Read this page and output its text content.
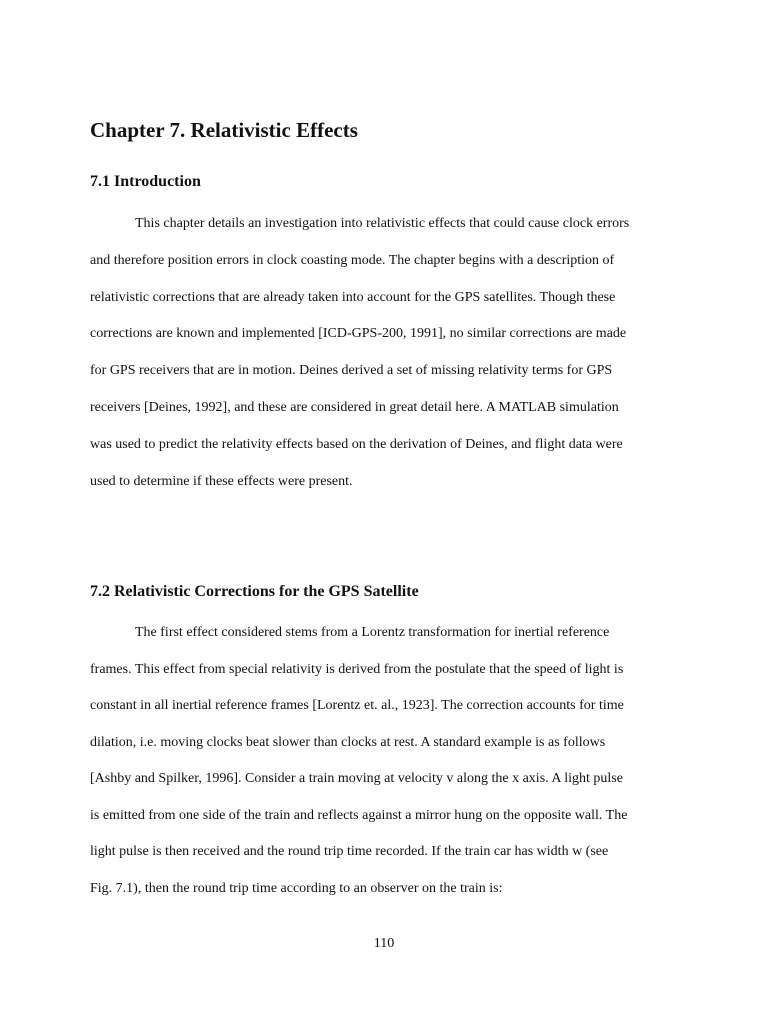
Chapter 7. Relativistic Effects
7.1 Introduction

This chapter details an investigation into relativistic effects that could cause clock errors
and therefore position errors in clock coasting mode. The chapter begins with a description of
relativistic corrections that are already taken into account for the GPS satellites. Though these
corrections are known and implemented [ICD-GPS-200, 1991], no similar corrections are made
for GPS receivers that are in motion. Deines derived a set of missing relativity terms for GPS
receivers [Deines, 1992], and these are considered in great detail here. A MATLAB simulation
was used to predict the relativity effects based on the derivation of Deines, and flight data were
used to determine if these effects were present.

7.2 Relativistic Corrections for the GPS Satellite

The first effect considered stems from a Lorentz transformation for inertial reference
frames. This effect from special relativity is derived from the postulate that the speed of light is
constant in all inertial reference frames [Lorentz et. al., 1923]. The correction accounts for time
dilation, i.e. moving clocks beat slower than clocks at rest. A standard example is as follows
[Ashby and Spilker, 1996]. Consider a train moving at velocity v along the x axis. A light pulse
is emitted from one side of the train and reflects against a mirror hung on the opposite wall. The
light pulse is then received and the round trip time recorded. If the train car has width w (see
Fig. 7.1), then the round trip time according to an observer on the train is:

110
